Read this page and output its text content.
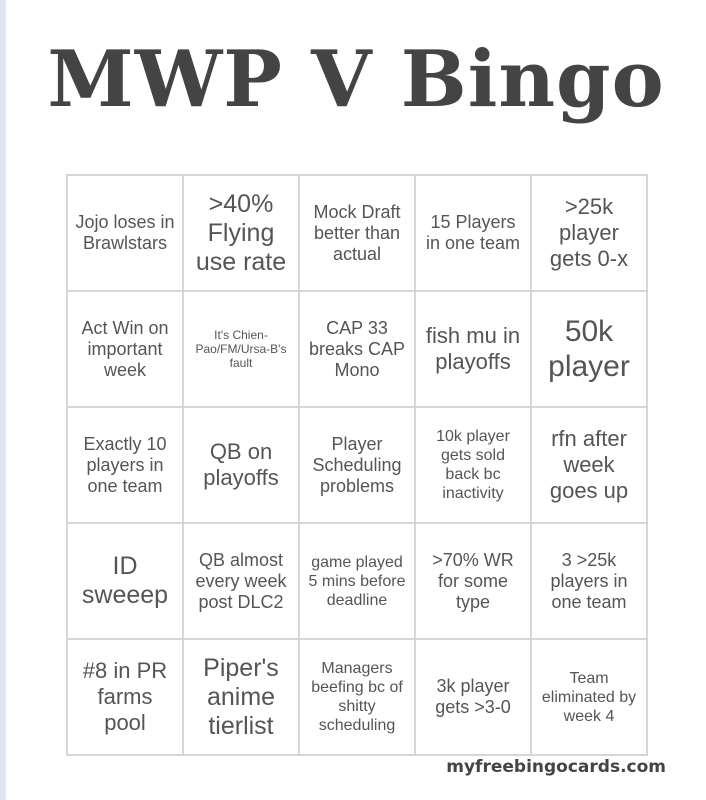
MWP V Bingo
Jojo loses in Brawlstars
>40% Flying use rate
Mock Draft better than actual
15 Players in one team
>25k player gets 0-x
Act Win on important week
It's Chien-Pao/FM/Ursa-B's fault
CAP 33 breaks CAP Mono
fish mu in playoffs
50k player
Exactly 10 players in one team
QB on playoffs
Player Scheduling problems
10k player gets sold back bc inactivity
rfn after week goes up
ID sweeep
QB almost every week post DLC2
game played 5 mins before deadline
>70% WR for some type
3 >25k players in one team
#8 in PR farms pool
Piper's anime tierlist
Managers beefing bc of shitty scheduling
3k player gets >3-0
Team eliminated by week 4
myfreebingocards.com
